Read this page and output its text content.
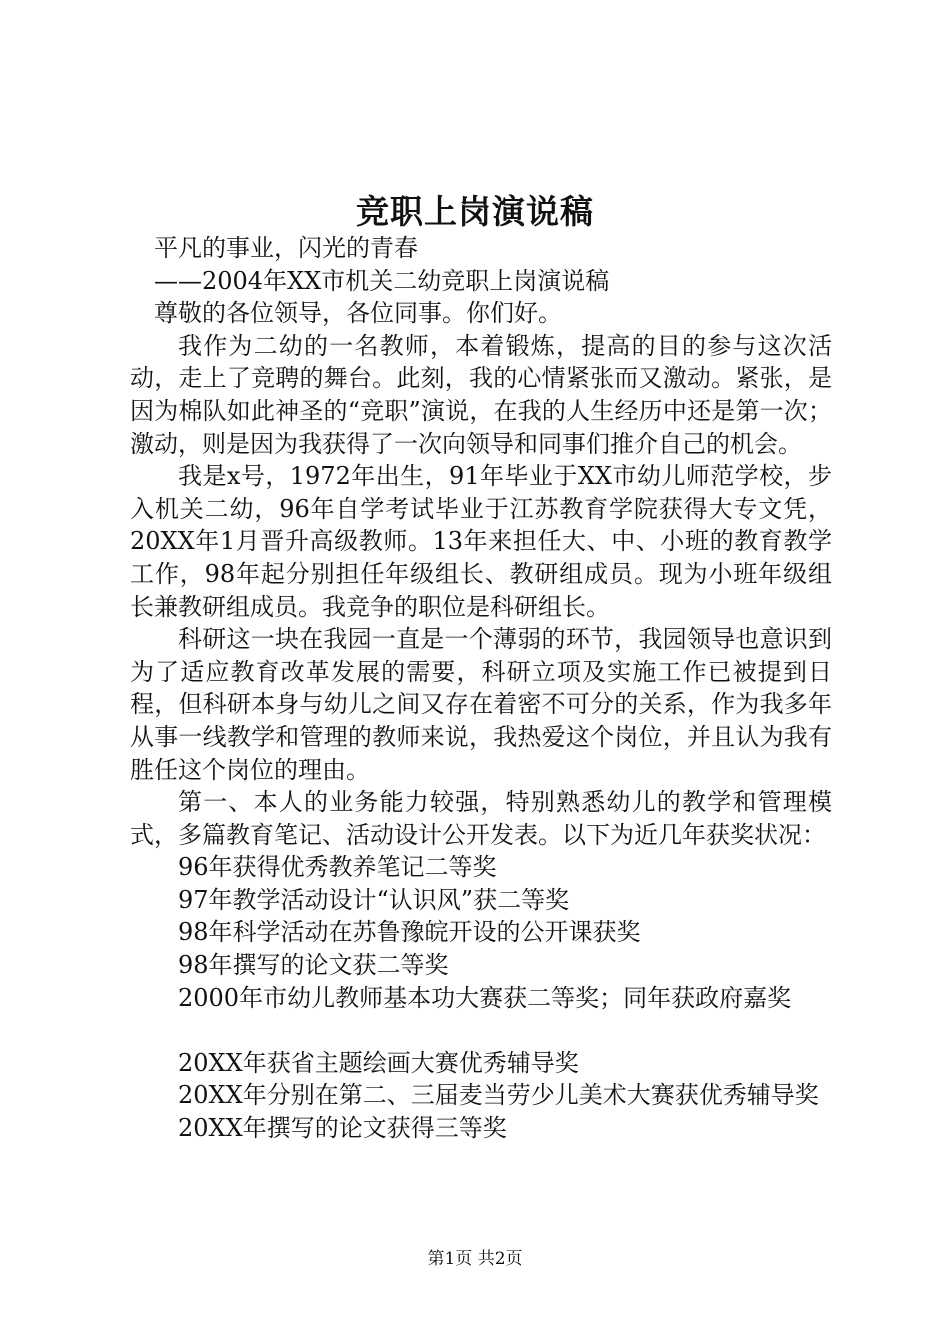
竞职上岗演说稿

平凡的事业，闪光的青春

——2004年XX市机关二幼竞职上岗演说稿

尊敬的各位领导，各位同事。你们好。

我作为二幼的一名教师，本着锻炼，提高的目的参与这次活动，走上了竞聘的舞台。此刻，我的心情紧张而又激动。紧张，是因为棉队如此神圣的“竞职”演说，在我的人生经历中还是第一次；激动，则是因为我获得了一次向领导和同事们推介自己的机会。

我是x号，1972年出生，91年毕业于XX市幼儿师范学校，步入机关二幼，96年自学考试毕业于江苏教育学院获得大专文凭，20XX年1月晋升高级教师。13年来担任大、中、小班的教育教学工作，98年起分别担任年级组长、教研组成员。现为小班年级组长兼教研组成员。我竞争的职位是科研组长。

科研这一块在我园一直是一个薄弱的环节，我园领导也意识到为了适应教育改革发展的需要，科研立项及实施工作已被提到日程，但科研本身与幼儿之间又存在着密不可分的关系，作为我多年从事一线教学和管理的教师来说，我热爱这个岗位，并且认为我有胜任这个岗位的理由。

第一、本人的业务能力较强，特别熟悉幼儿的教学和管理模式，多篇教育笔记、活动设计公开发表。以下为近几年获奖状况：

96年获得优秀教养笔记二等奖

97年教学活动设计“认识风”获二等奖

98年科学活动在苏鲁豫皖开设的公开课获奖

98年撰写的论文获二等奖

2000年市幼儿教师基本功大赛获二等奖；同年获政府嘉奖

20XX年获省主题绘画大赛优秀辅导奖

20XX年分别在第二、三届麦当劳少儿美术大赛获优秀辅导奖

20XX年撰写的论文获得三等奖

第1页 共2页
